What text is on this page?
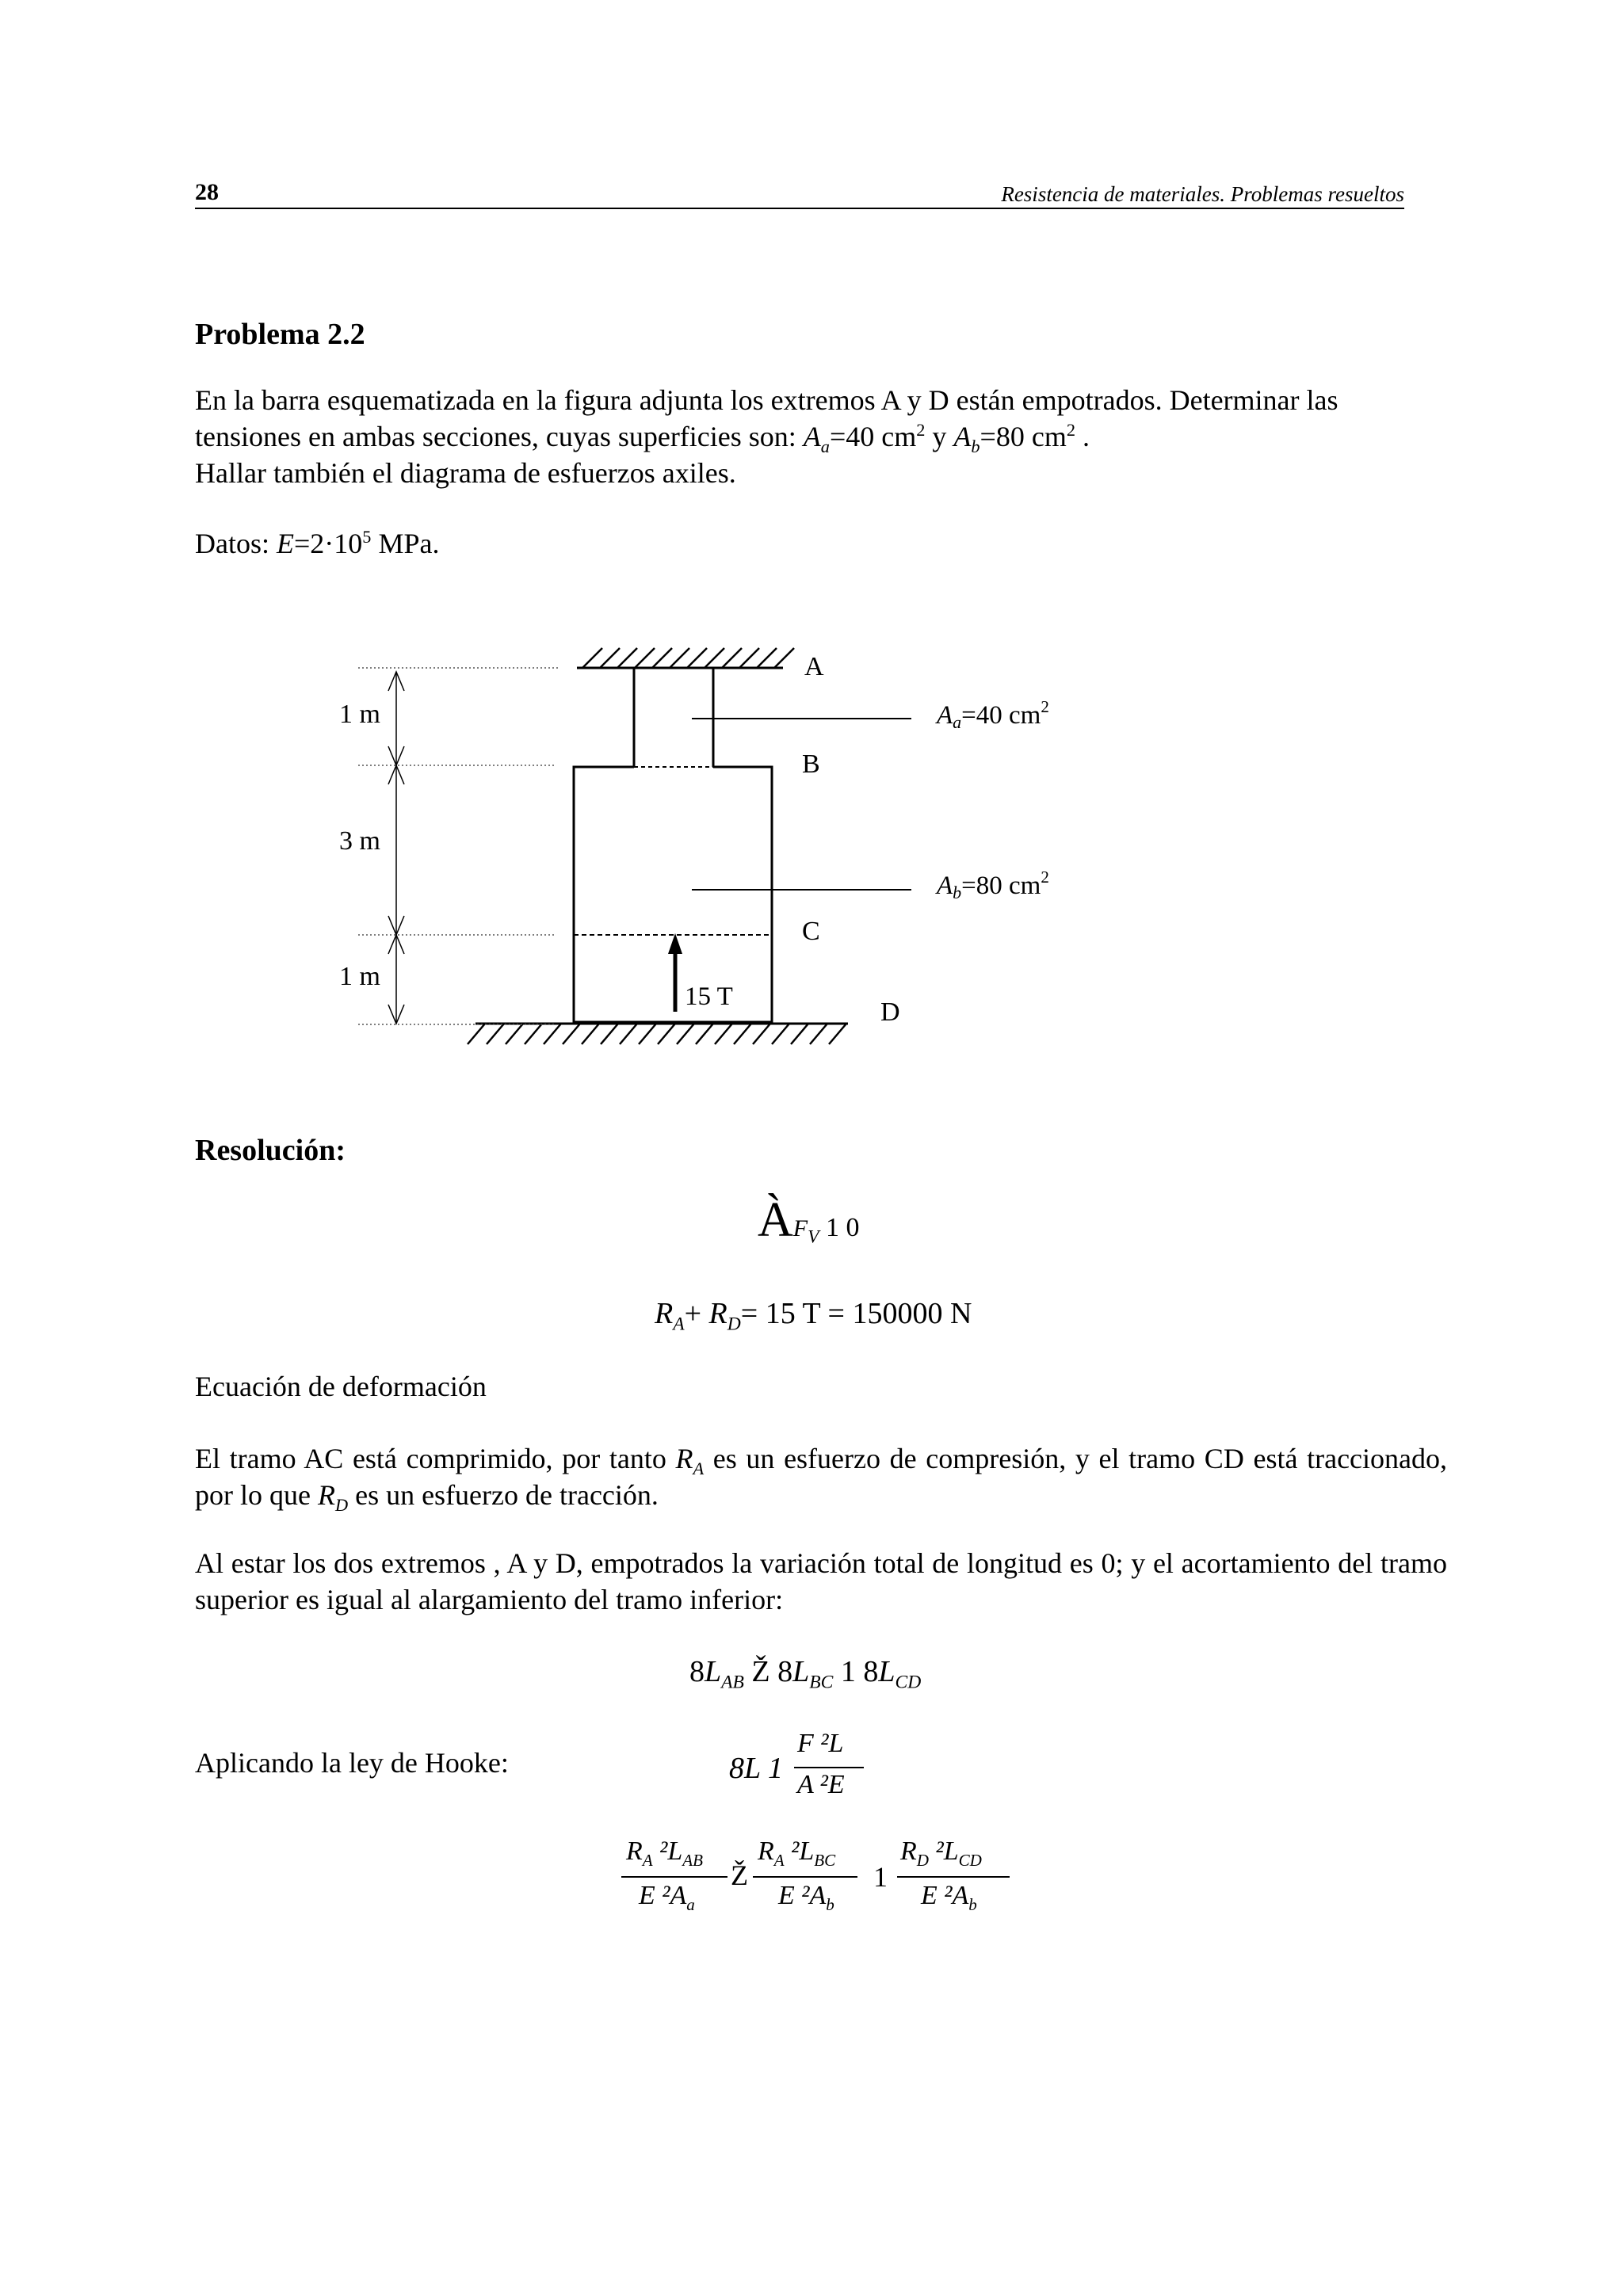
28	Resistencia de materiales. Problemas resueltos
Problema 2.2
En la barra esquematizada en la figura adjunta los extremos A y D están empotrados. Determinar las
tensiones en ambas secciones, cuyas superficies son: $A_a=40$ $cm^2$ y $A_b=80$ $cm^2$ .
Hallar también el diagrama de esfuerzos axiles.
Datos: $E=2\cdot 10^5$ MPa.
15 T
A
B
C
D
Aa=40 $cm^2$
Ab=80 $cm^2$
1 m
3 m
1 m
Resolución:
$ÀF_V$ 1 0
$R_A+ R_D= 15$ T = 150000 N
Ecuación de deformación
El tramo AC está comprimido, por tanto $R_A$ es un esfuerzo de compresión, y el tramo CD está traccionado, por lo que $R_D$ es un esfuerzo de tracción.
Al estar los dos extremos , A y D, empotrados la variación total de longitud es 0; y el acortamiento del tramo superior es igual al alargamiento del tramo inferior:
$8L_{AB}$ Ž $8L_{BC}$ 1 $8L_{CD}$
Aplicando la ley de Hooke:	8L 1
F ²L
A ²E
$R_A$ $^2L_{AB}$
E $^2A_a$
Ž
$R_A$ $^2L_{BC}$
E $^2A_b$
1
$R_D$ $^2L_{CD}$
E $^2A_b$
